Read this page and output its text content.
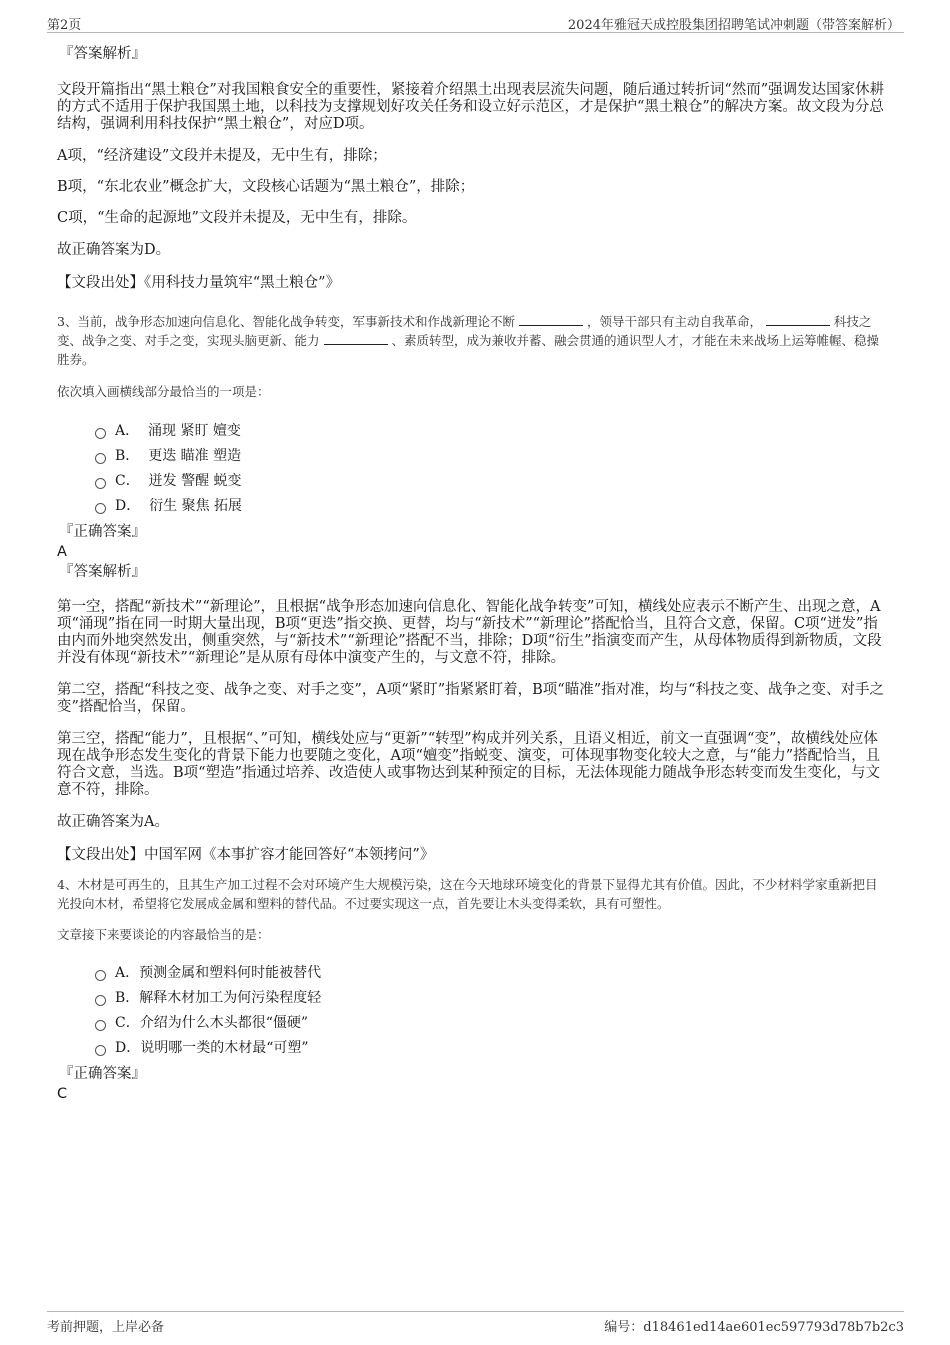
第2页	2024年雅冠天成控股集团招聘笔试冲刺题（带答案解析）

『答案解析』

文段开篇指出“黑土粮仓”对我国粮食安全的重要性，紧接着介绍黑土出现表层流失问题，随后通过转折词“然而”强调发达国家休耕的方式不适用于保护我国黑土地，以科技为支撑规划好攻关任务和设立好示范区，才是保护“黑土粮仓”的解决方案。故文段为分总结构，强调利用科技保护“黑土粮仓”，对应D项。

A项，“经济建设”文段并未提及，无中生有，排除；

B项，“东北农业”概念扩大，文段核心话题为“黑土粮仓”，排除；

C项，“生命的起源地”文段并未提及，无中生有，排除。

故正确答案为D。

【文段出处】《用科技力量筑牢“黑土粮仓”》

3、当前，战争形态加速向信息化、智能化战争转变，军事新技术和作战新理论不断	，领导干部只有主动自我革命，	科技之变、战争之变、对手之变，实现头脑更新、能力	、素质转型，成为兼收并蓄、融会贯通的通识型人才，才能在未来战场上运筹帷幄、稳操胜券。

依次填入画横线部分最恰当的一项是：

A．
涌现 紧盯 嬗变
B．
更迭 瞄准 塑造
C．
迸发 警醒 蜕变
D．
衍生 聚焦 拓展

『正确答案』

A

『答案解析』

第一空，搭配“新技术”“新理论”，且根据“战争形态加速向信息化、智能化战争转变”可知，横线处应表示不断产生、出现之意，A项“涌现”指在同一时期大量出现，B项“更迭”指交换、更替，均与“新技术”“新理论”搭配恰当，且符合文意，保留。C项“迸发”指由内而外地突然发出，侧重突然，与“新技术”“新理论”搭配不当，排除；D项“衍生”指演变而产生，从母体物质得到新物质，文段并没有体现“新技术”“新理论”是从原有母体中演变产生的，与文意不符，排除。

第二空，搭配“科技之变、战争之变、对手之变”，A项“紧盯”指紧紧盯着，B项“瞄准”指对准，均与“科技之变、战争之变、对手之变”搭配恰当，保留。

第三空，搭配“能力”，且根据“、”可知，横线处应与“更新”“转型”构成并列关系，且语义相近，前文一直强调“变”，故横线处应体现在战争形态发生变化的背景下能力也要随之变化，A项“嬗变”指蜕变、演变，可体现事物变化较大之意，与“能力”搭配恰当，且符合文意，当选。B项“塑造”指通过培养、改造使人或事物达到某种预定的目标，无法体现能力随战争形态转变而发生变化，与文意不符，排除。

故正确答案为A。

【文段出处】中国军网《本事扩容才能回答好“本领拷问”》

4、木材是可再生的，且其生产加工过程不会对环境产生大规模污染，这在今天地球环境变化的背景下显得尤其有价值。因此，不少材料学家重新把目光投向木材，希望将它发展成金属和塑料的替代品。不过要实现这一点，首先要让木头变得柔软，具有可塑性。

文章接下来要谈论的内容最恰当的是：

A． 预测金属和塑料何时能被替代
B． 解释木材加工为何污染程度轻
C． 介绍为什么木头都很“僵硬”
D． 说明哪一类的木材最“可塑”

『正确答案』

C

考前押题，上岸必备	编号：d18461ed14ae601ec597793d78b7b2c3
